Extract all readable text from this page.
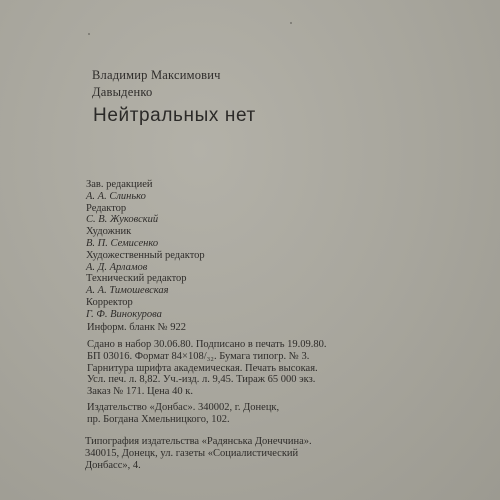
Владимир Максимович
Давыденко
Нейтральных нет
Зав. редакцией
А. А. Слинько
Редактор
С. В. Жуковский
Художник
В. П. Семисенко
Художественный редактор
А. Д. Арламов
Технический редактор
А. А. Тимошевская
Корректор
Г. Ф. Винокурова
Информ. бланк № 922
Сдано в набор 30.06.80. Подписано в печать 19.09.80.
БП 03016. Формат 84×108/₃₂. Бумага типогр. № 3.
Гарнитура шрифта академическая. Печать высокая.
Усл. печ. л. 8,82. Уч.-изд. л. 9,45. Тираж 65 000 экз.
Заказ № 171. Цена 40 к.
Издательство «Донбас». 340002, г. Донецк,
пр. Богдана Хмельницкого, 102.
Типография издательства «Радянська Донеччина».
340015, Донецк, ул. газеты «Социалистический
Донбасс», 4.
